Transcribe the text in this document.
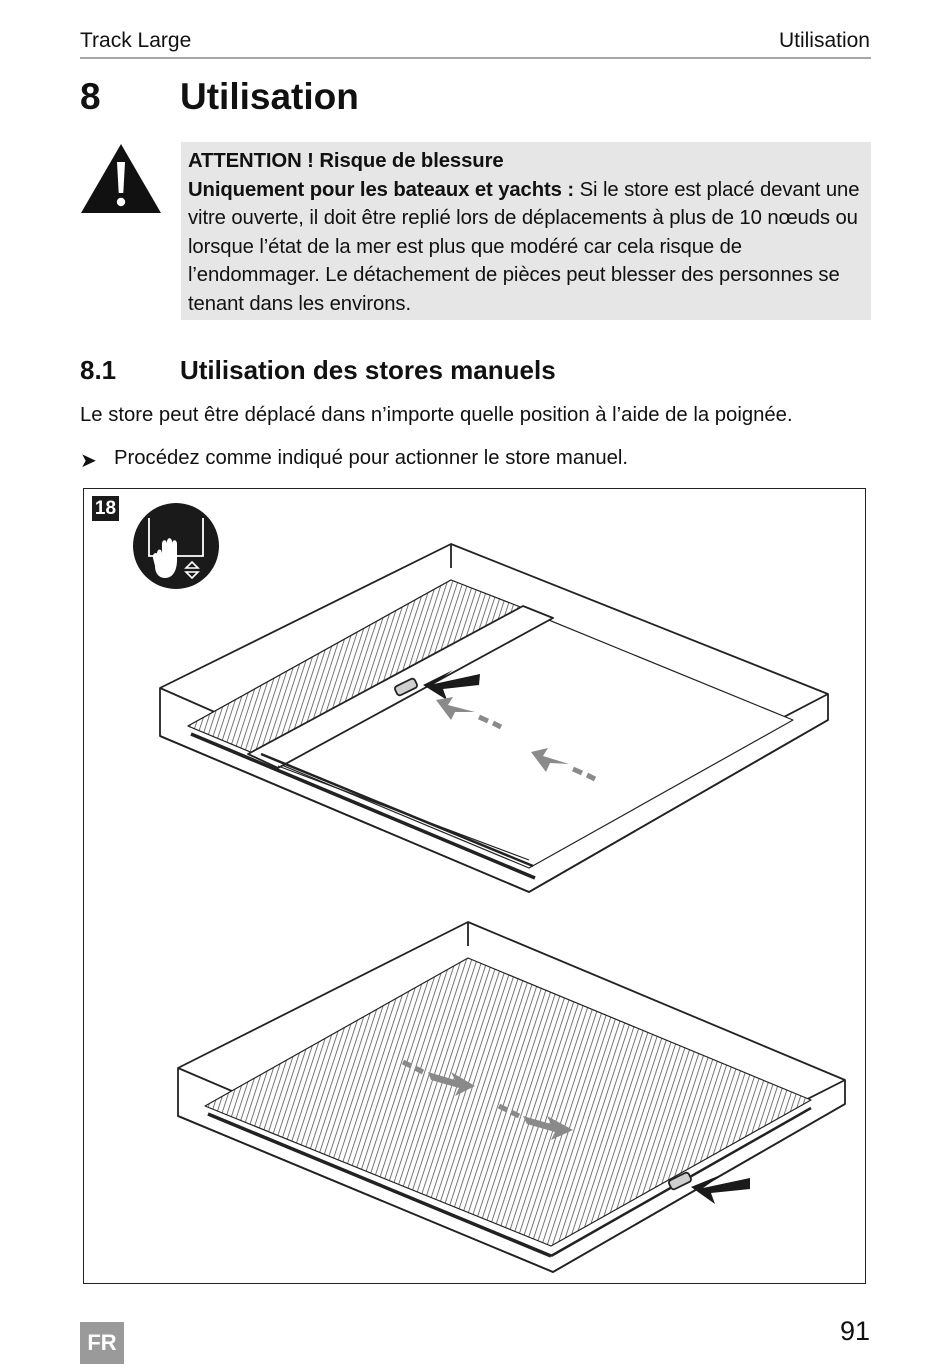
Track Large	Utilisation
8 Utilisation
ATTENTION ! Risque de blessure
Uniquement pour les bateaux et yachts : Si le store est placé devant une vitre ouverte, il doit être replié lors de déplacements à plus de 10 nœuds ou lorsque l’état de la mer est plus que modéré car cela risque de l’endommager. Le détachement de pièces peut blesser des personnes se tenant dans les environs.
8.1 Utilisation des stores manuels
Le store peut être déplacé dans n’importe quelle position à l’aide de la poignée.
➤ Procédez comme indiqué pour actionner le store manuel.
18
FR	91
